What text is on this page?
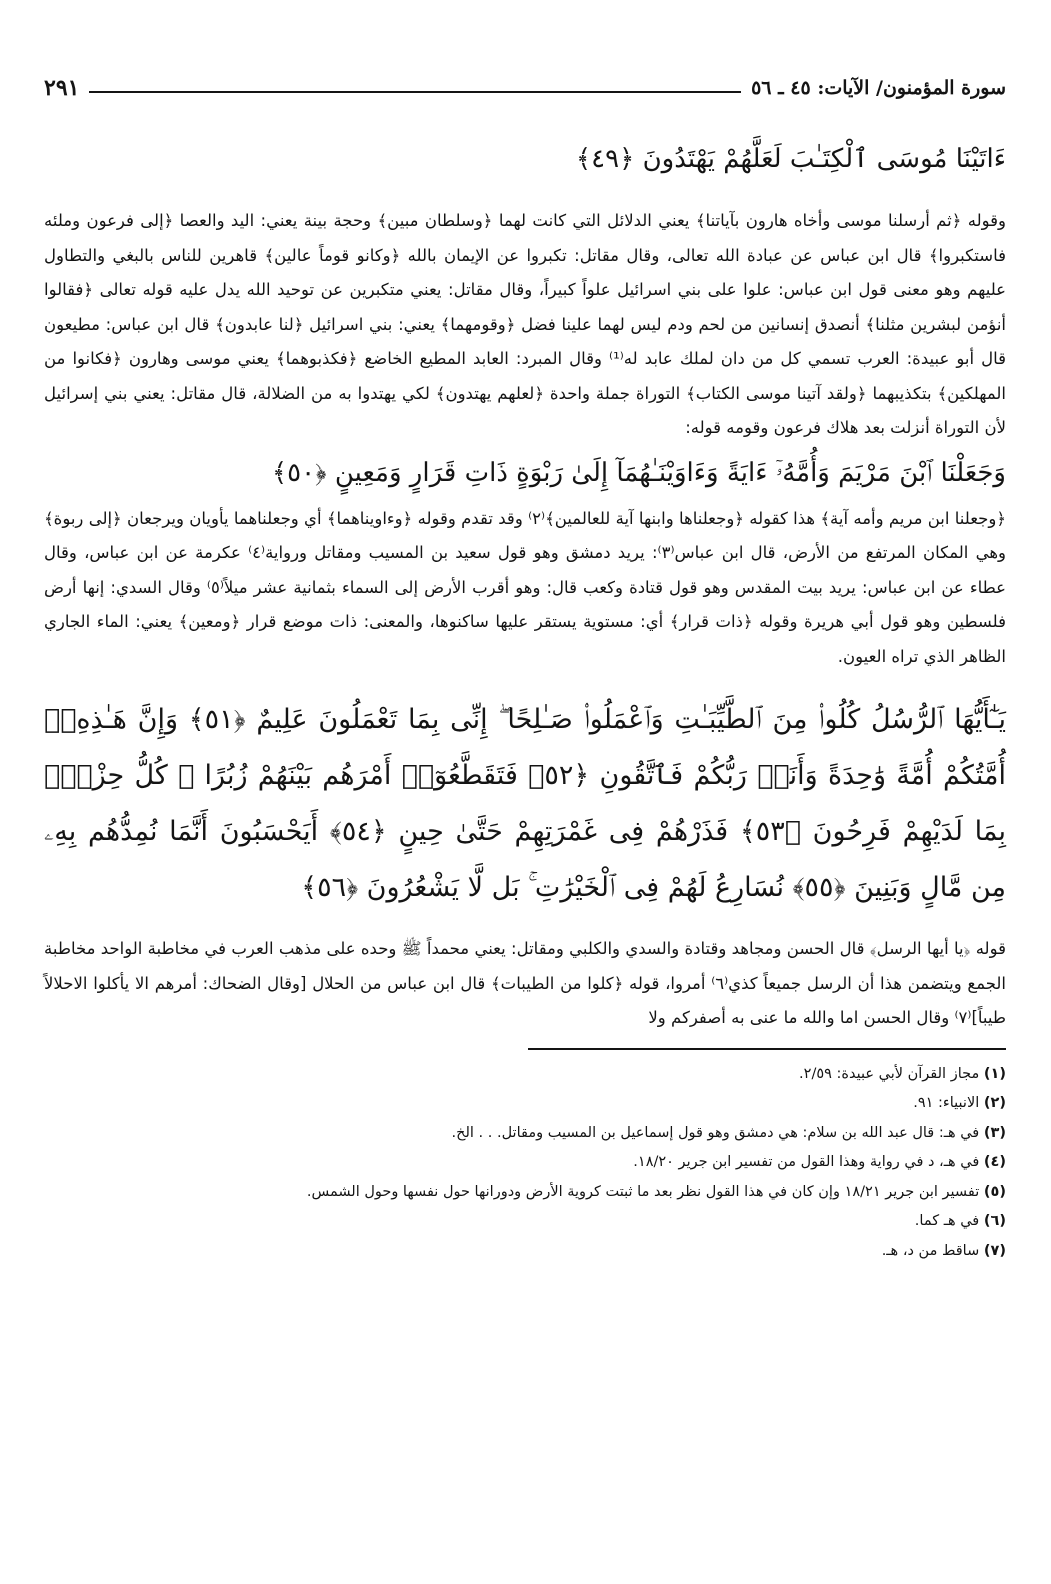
سورة المؤمنون/ الآيات: ٤٥ ـ ٥٦
٢٩١

ءَاتَيْنَا مُوسَى ٱلْكِتَـٰبَ لَعَلَّهُمْ يَهْتَدُونَ ﴿٤٩﴾

وقوله ﴿ثم أرسلنا موسى وأخاه هارون بآياتنا﴾ يعني الدلائل التي كانت لهما ﴿وسلطان مبين﴾ وحجة بينة يعني: اليد والعصا ﴿إلى فرعون وملئه فاستكبروا﴾ قال ابن عباس عن عبادة الله تعالى، وقال مقاتل: تكبروا عن الإيمان بالله ﴿وكانو قوماً عالين﴾ قاهرين للناس بالبغي والتطاول عليهم وهو معنى قول ابن عباس: علوا على بني اسرائيل علواً كبيراً، وقال مقاتل: يعني متكبرين عن توحيد الله يدل عليه قوله تعالى ﴿فقالوا أنؤمن لبشرين مثلنا﴾ أنصدق إنسانين من لحم ودم ليس لهما علينا فضل ﴿وقومهما﴾ يعني: بني اسرائيل ﴿لنا عابدون﴾ قال ابن عباس: مطيعون قال أبو عبيدة: العرب تسمي كل من دان لملك عابد له⁽¹⁾ وقال المبرد: العابد المطيع الخاضع ﴿فكذبوهما﴾ يعني موسى وهارون ﴿فكانوا من المهلكين﴾ بتكذيبهما ﴿ولقد آتينا موسى الكتاب﴾ التوراة جملة واحدة ﴿لعلهم يهتدون﴾ لكي يهتدوا به من الضلالة، قال مقاتل: يعني بني إسرائيل لأن التوراة أنزلت بعد هلاك فرعون وقومه قوله:

وَجَعَلْنَا ٱبْنَ مَرْيَمَ وَأُمَّهُۥٓ ءَايَةً وَءَاوَيْنَـٰهُمَآ إِلَىٰ رَبْوَةٍ ذَاتِ قَرَارٍ وَمَعِينٍ ﴿٥٠﴾

﴿وجعلنا ابن مريم وأمه آية﴾ هذا كقوله ﴿وجعلناها وابنها آية للعالمين﴾⁽٢⁾ وقد تقدم وقوله ﴿وءاويناهما﴾ أي وجعلناهما يأويان ويرجعان ﴿إلى ربوة﴾ وهي المكان المرتفع من الأرض، قال ابن عباس⁽٣⁾: يريد دمشق وهو قول سعيد بن المسيب ومقاتل ورواية⁽٤⁾ عكرمة عن ابن عباس، وقال عطاء عن ابن عباس: يريد بيت المقدس وهو قول قتادة وكعب قال: وهو أقرب الأرض إلى السماء بثمانية عشر ميلاً⁽٥⁾ وقال السدي: إنها أرض فلسطين وهو قول أبي هريرة وقوله ﴿ذات قرار﴾ أي: مستوية يستقر عليها ساكنوها، والمعنى: ذات موضع قرار ﴿ومعين﴾ يعني: الماء الجاري الظاهر الذي تراه العيون.

يَـٰٓأَيُّهَا ٱلرُّسُلُ كُلُوا۟ مِنَ ٱلطَّيِّبَـٰتِ وَٱعْمَلُوا۟ صَـٰلِحًا ۖ إِنِّى بِمَا تَعْمَلُونَ عَلِيمٌ ﴿٥١﴾ وَإِنَّ هَـٰذِهِۦٓ أُمَّتُكُمْ أُمَّةً وَٰحِدَةً وَأَنَا۠ رَبُّكُمْ فَٱتَّقُونِ ﴿٥٢﴾ فَتَقَطَّعُوٓا۟ أَمْرَهُم بَيْنَهُمْ زُبُرًا ۖ كُلُّ حِزْبٍۭ بِمَا لَدَيْهِمْ فَرِحُونَ ﴿٥٣﴾ فَذَرْهُمْ فِى غَمْرَتِهِمْ حَتَّىٰ حِينٍ ﴿٥٤﴾ أَيَحْسَبُونَ أَنَّمَا نُمِدُّهُم بِهِۦ مِن مَّالٍ وَبَنِينَ ﴿٥٥﴾ نُسَارِعُ لَهُمْ فِى ٱلْخَيْرَٰتِ ۚ بَل لَّا يَشْعُرُونَ ﴿٥٦﴾

قوله ﴿يا أيها الرسل﴾ قال الحسن ومجاهد وقتادة والسدي والكلبي ومقاتل: يعني محمداً ﷺ وحده على مذهب العرب في مخاطبة الواحد مخاطبة الجمع ويتضمن هذا أن الرسل جميعاً كذي⁽٦⁾ أمروا، قوله ﴿كلوا من الطيبات﴾ قال ابن عباس من الحلال [وقال الضحاك: أمرهم الا يأكلوا الاحلالاً طيباً]⁽٧⁾ وقال الحسن اما والله ما عنى به أصفركم ولا

(١) مجاز القرآن لأبي عبيدة: ٢/٥٩.
(٢) الانبياء: ٩١.
(٣) في هـ: قال عبد الله بن سلام: هي دمشق وهو قول إسماعيل بن المسيب ومقاتل. . . الخ.
(٤) في هـ، د في رواية وهذا القول من تفسير ابن جرير ١٨/٢٠.
(٥) تفسير ابن جرير ١٨/٢١ وإن كان في هذا القول نظر بعد ما ثبتت كروية الأرض ودورانها حول نفسها وحول الشمس.
(٦) في هـ كما.
(٧) ساقط من د، هـ.
